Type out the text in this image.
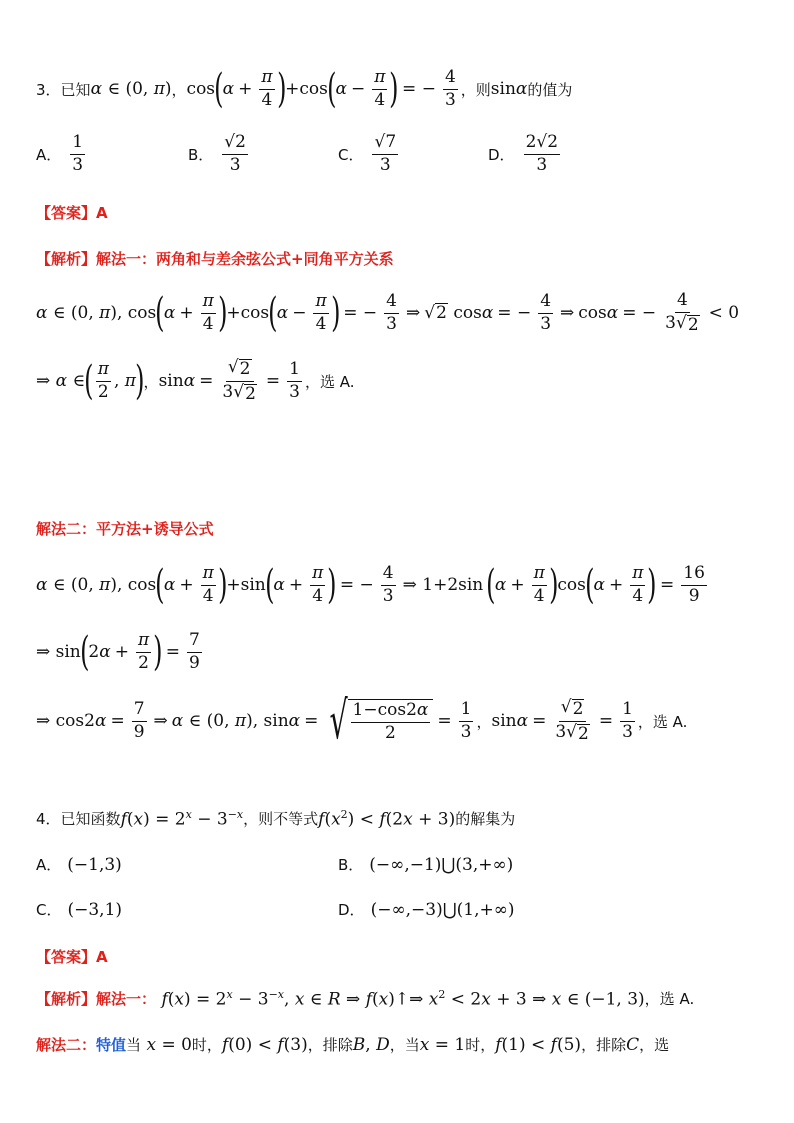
3． 已知 α ∈ (0, π) ， cos ( $\alpha + \frac{\pi}{4}$ ) +cos ( $\alpha - \frac{\pi}{4}$ ) = − $\frac{4}{3}$ ，则 sinα 的值为
A． $\frac{1}{3}$	B． $\frac{√2}{3}$	C． $\frac{√7}{3}$	D． $\frac{2√2}{3}$
【答案】 A
【解析】 解法一：两角和与差余弦公式+同角平方关系
α ∈ (0, π), cos ( $\alpha + \frac{\pi}{4}$ ) +cos ( $\alpha - \frac{\pi}{4}$ ) = − $\frac{4}{3}$ ⇒ √ 2 cosα = − $\frac{4}{3}$ ⇒ cosα = − $\frac{4}{3 √ 2} < 0$
⇒ α ∈ ( $\frac{\pi}{2}$ , π ) ， $\sin\alpha = \frac{√ 2}{3 √ 2} = \frac{1}{3}$ ，选 A.
解法二：平方法+诱导公式
α ∈ (0, π), cos ( $\alpha + \frac{\pi}{4}$ ) +sin ( $\alpha + \frac{\pi}{4}$ ) = − $\frac{4}{3}$ ⇒ 1+2sin ( $\alpha + \frac{\pi}{4}$ ) cos ( $\alpha + \frac{\pi}{4}$ ) = $\frac{16}{9}$
⇒ sin ( $2\alpha + \frac{\pi}{2}$ ) = $\frac{7}{9}$
⇒ $\cos 2\alpha = \frac{7}{9}$ ⇒ α ∈ (0, π), sinα = √ $\frac{1-\cos 2\alpha}{2} = \frac{1}{3}$ ， $\sin\alpha = \frac{√ 2}{3 √ 2} = \frac{1}{3}$ ，选 A.
4． 已知函数 $f(x) = 2^x - 3^{-x}$ ，则不等式 $f(x^2) < f(2x + 3)$ 的解集为
A． (−1,3)	B． (−∞,−1)⋃(3,+∞)
C． (−3,1)	D． (−∞,−3)⋃(1,+∞)
【答案】 A
【解析】 解法一： $f(x) = 2^x - 3^{-x}$, x ∈ R ⇒ f(x)↑⇒ $x^2 < 2x + 3$ ⇒ x ∈ (−1, 3) ，选 A.
解法二： 特值 当 x = 0 时， f(0) < f(3) ，排除 B, D ，当 x = 1 时， f(1) < f(5) ，排除 C ，选
